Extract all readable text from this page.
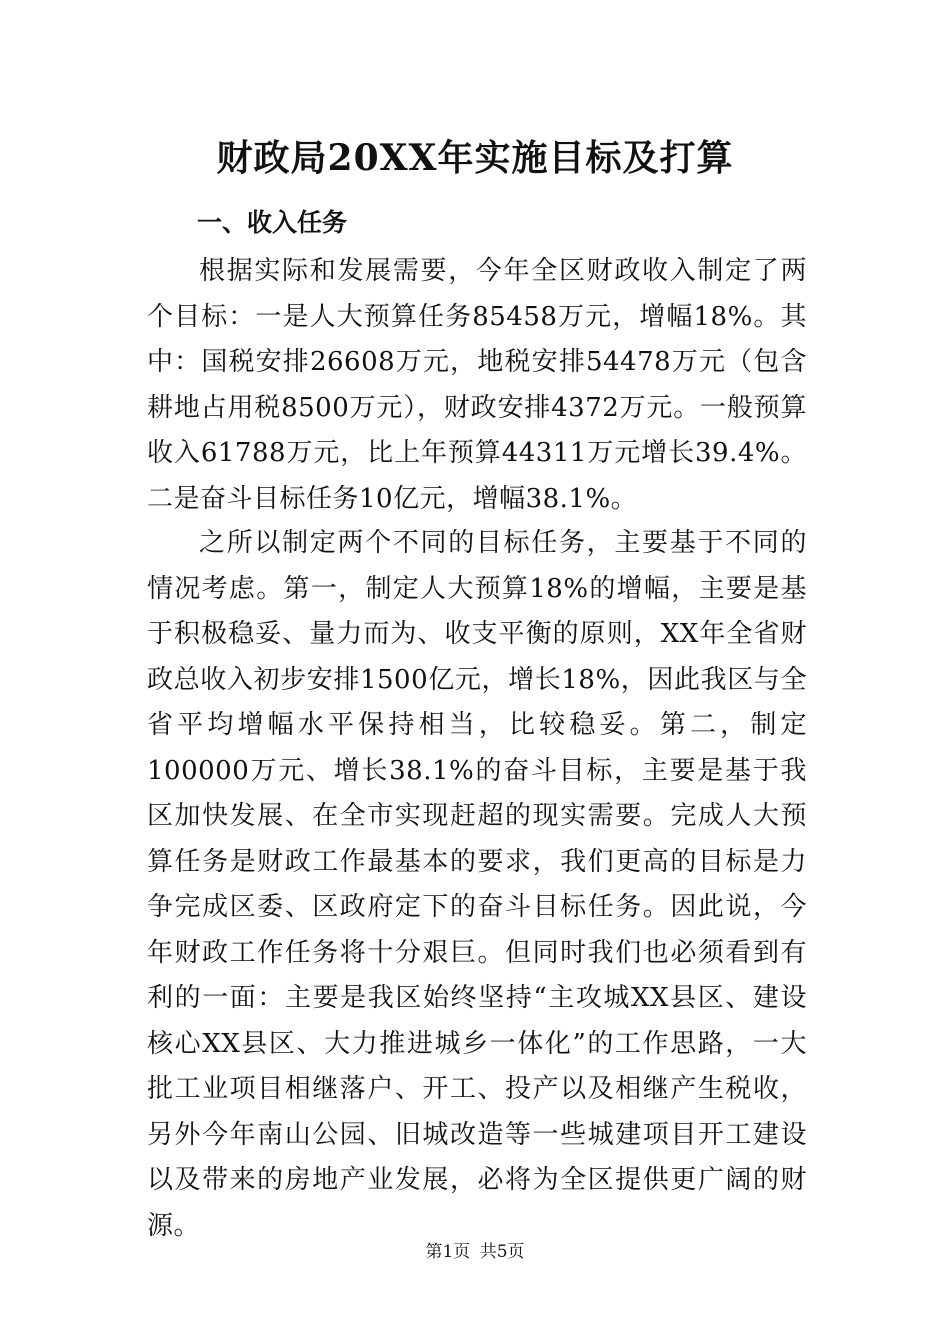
财政局20XX年实施目标及打算
一、收入任务

根据实际和发展需要，今年全区财政收入制定了两个目标：一是人大预算任务85458万元，增幅18%。其中：国税安排26608万元，地税安排54478万元（包含耕地占用税8500万元），财政安排4372万元。一般预算收入61788万元，比上年预算44311万元增长39.4%。二是奋斗目标任务10亿元，增幅38.1%。

之所以制定两个不同的目标任务，主要基于不同的情况考虑。第一，制定人大预算18%的增幅，主要是基于积极稳妥、量力而为、收支平衡的原则，XX年全省财政总收入初步安排1500亿元，增长18%，因此我区与全省平均增幅水平保持相当，比较稳妥。第二，制定100000万元、增长38.1%的奋斗目标，主要是基于我区加快发展、在全市实现赶超的现实需要。完成人大预算任务是财政工作最基本的要求，我们更高的目标是力争完成区委、区政府定下的奋斗目标任务。因此说，今年财政工作任务将十分艰巨。但同时我们也必须看到有利的一面：主要是我区始终坚持“主攻城XX县区、建设核心XX县区、大力推进城乡一体化”的工作思路，一大批工业项目相继落户、开工、投产以及相继产生税收，另外今年南山公园、旧城改造等一些城建项目开工建设以及带来的房地产业发展，必将为全区提供更广阔的财源。

第1页 共5页
